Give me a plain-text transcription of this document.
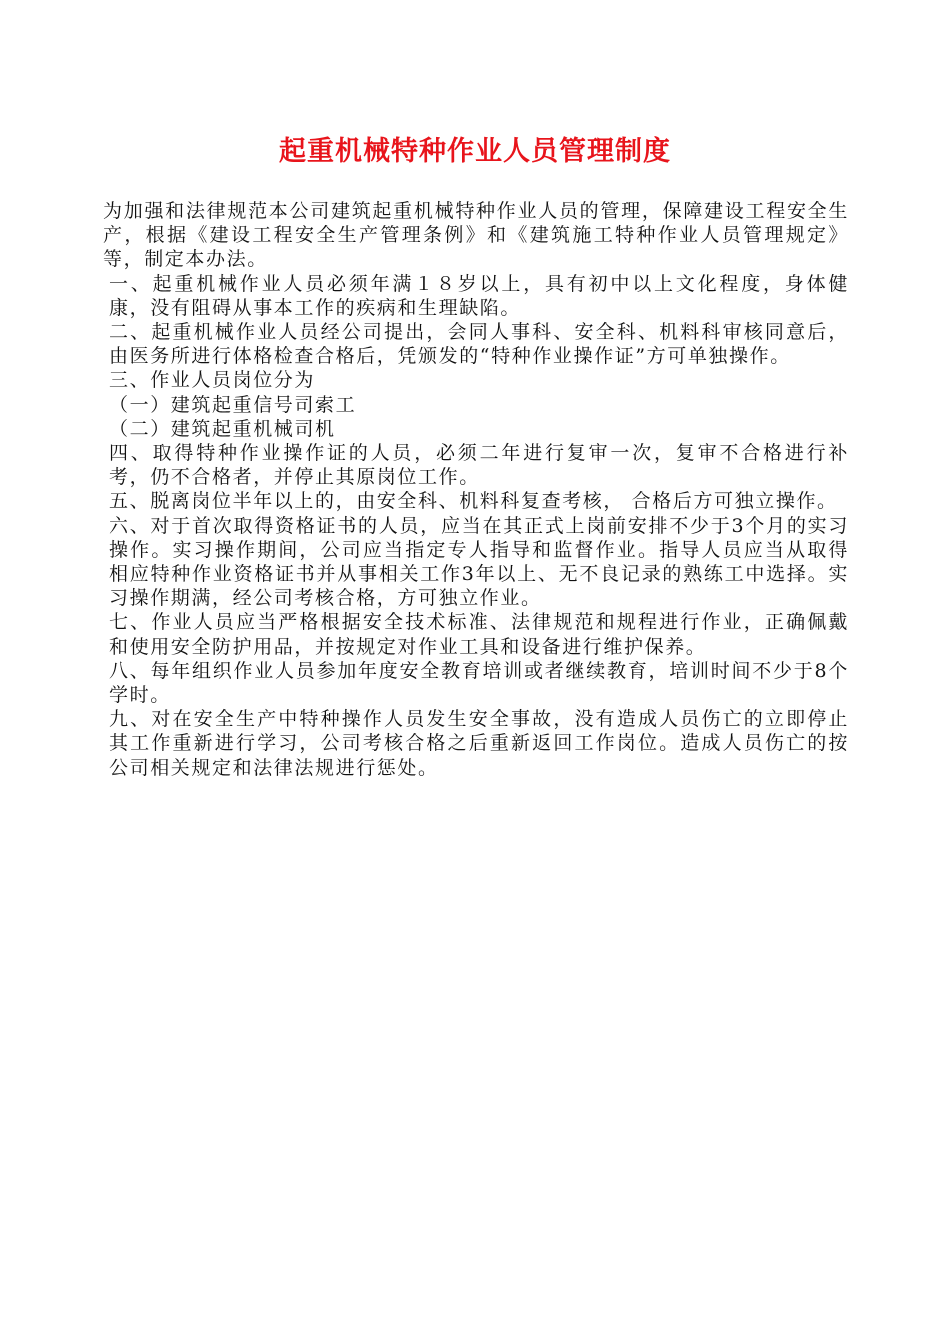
起重机械特种作业人员管理制度

为加强和法律规范本公司建筑起重机械特种作业人员的管理，保障建设工程安全生产，根据《建设工程安全生产管理条例》和《建筑施工特种作业人员管理规定》等，制定本办法。

一、起重机械作业人员必须年满１８岁以上，具有初中以上文化程度，身体健康，没有阻碍从事本工作的疾病和生理缺陷。

二、起重机械作业人员经公司提出，会同人事科、安全科、机料科审核同意后， 由医务所进行体格检查合格后，凭颁发的“特种作业操作证”方可单独操作。

三、作业人员岗位分为

（一）建筑起重信号司索工

（二）建筑起重机械司机

四、取得特种作业操作证的人员，必须二年进行复审一次，复审不合格进行补考，仍不合格者，并停止其原岗位工作。

五、脱离岗位半年以上的，由安全科、机料科复查考核， 合格后方可独立操作。

六、对于首次取得资格证书的人员，应当在其正式上岗前安排不少于3个月的实习操作。实习操作期间，公司应当指定专人指导和监督作业。指导人员应当从取得相应特种作业资格证书并从事相关工作3年以上、无不良记录的熟练工中选择。实习操作期满，经公司考核合格，方可独立作业。

七、作业人员应当严格根据安全技术标准、法律规范和规程进行作业，正确佩戴和使用安全防护用品，并按规定对作业工具和设备进行维护保养。

八、每年组织作业人员参加年度安全教育培训或者继续教育，培训时间不少于8个学时。

九、对在安全生产中特种操作人员发生安全事故，没有造成人员伤亡的立即停止其工作重新进行学习，公司考核合格之后重新返回工作岗位。造成人员伤亡的按公司相关规定和法律法规进行惩处。
